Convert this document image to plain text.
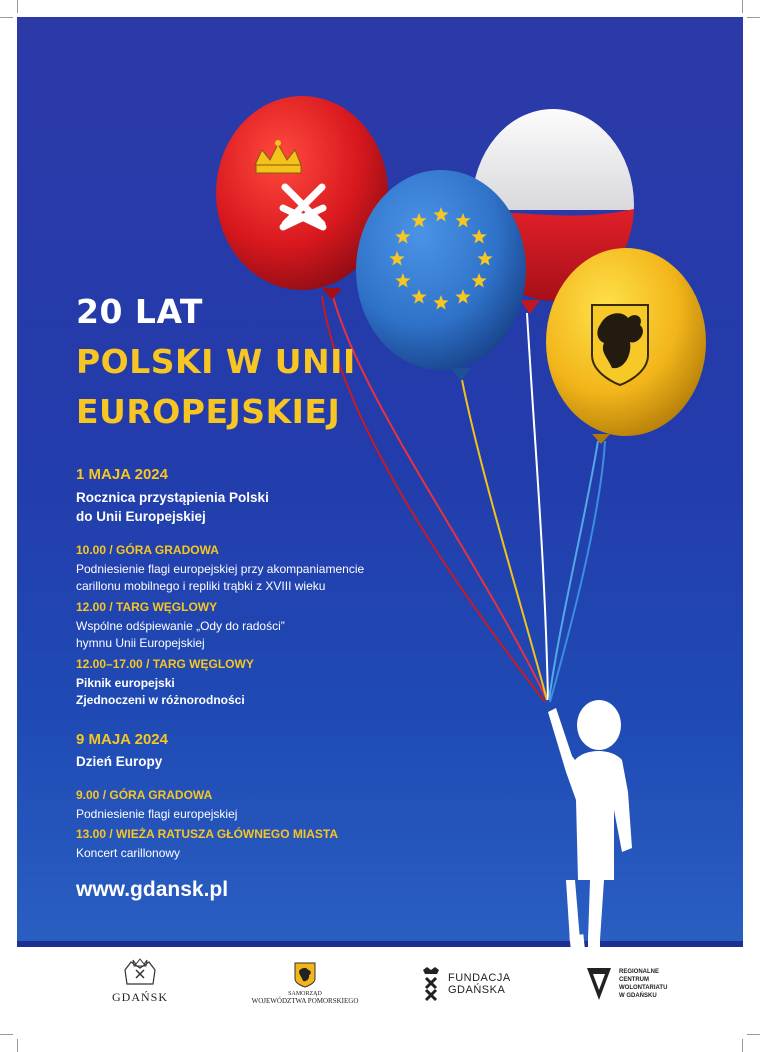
20 LAT
POLSKI W UNII
EUROPEJSKIEJ
1 MAJA 2024
Rocznica przystąpienia Polski
do Unii Europejskiej
10.00 / GÓRA GRADOWA
Podniesienie flagi europejskiej przy akompaniamencie
carillonu mobilnego i repliki trąbki z XVIII wieku
12.00 / TARG WĘGLOWY
Wspólne odśpiewanie „Ody do radości”
hymnu Unii Europejskiej
12.00–17.00 / TARG WĘGLOWY
Piknik europejski
Zjednoczeni w różnorodności
9 MAJA 2024
Dzień Europy
9.00 / GÓRA GRADOWA
Podniesienie flagi europejskiej
13.00 / WIEŻA RATUSZA GŁÓWNEGO MIASTA
Koncert carillonowy
www.gdansk.pl
GDAŃSK	SAMORZĄD
WOJEWÓDZTWA POMORSKIEGO
FUNDACJA
GDAŃSKA
REGIONALNE
CENTRUM
WOLONTARIATU
W GDAŃSKU
